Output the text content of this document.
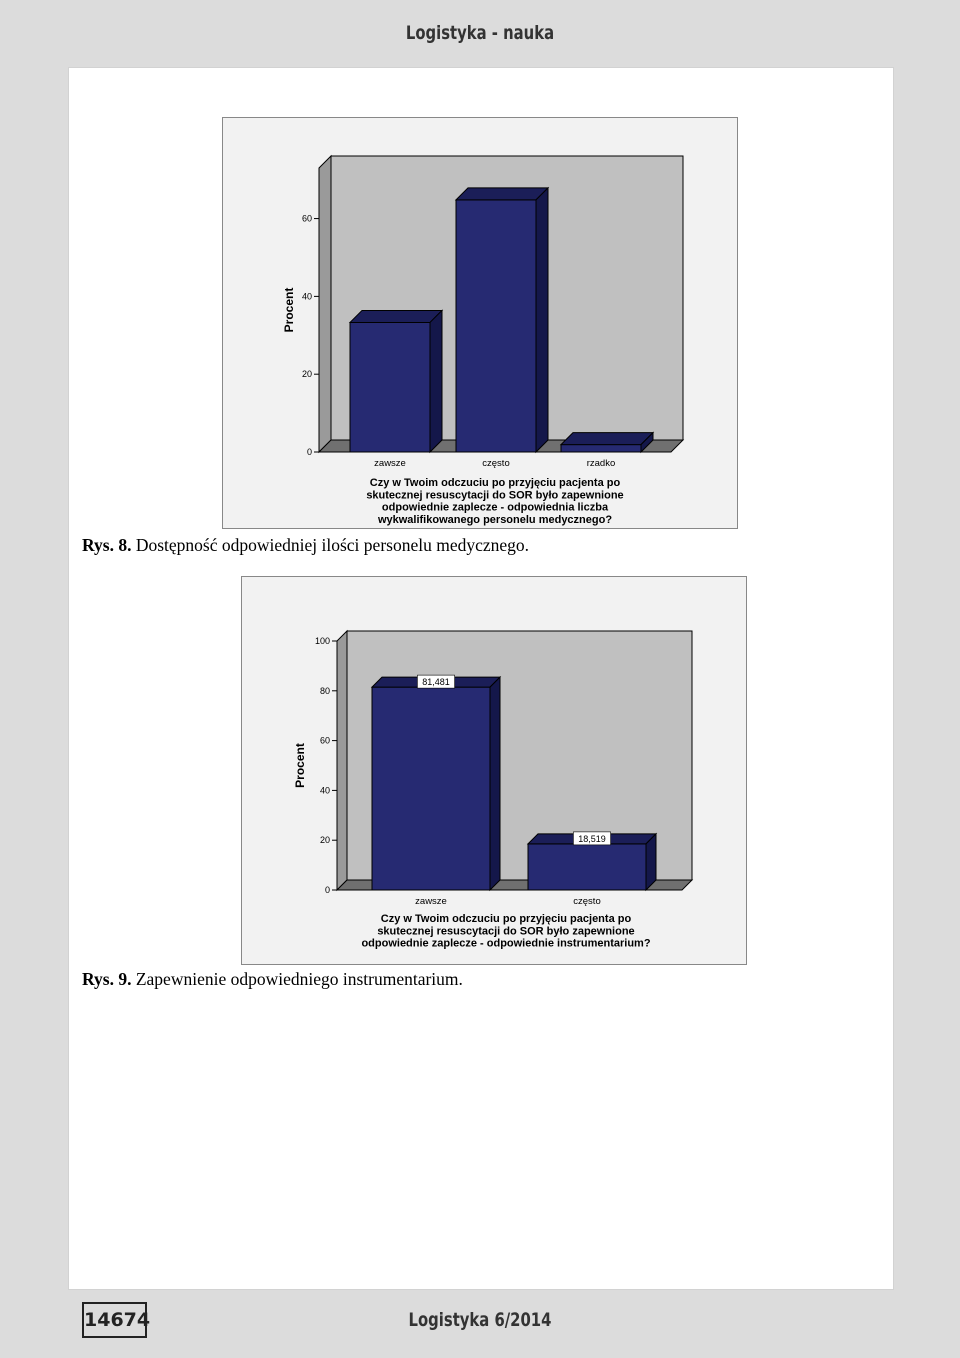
Logistyka - nauka
0
20
40
60
Procent
zawsze	często	rzadko
Czy w Twoim odczuciu po przyjęciu pacjenta po
skutecznej resuscytacji do SOR było zapewnione
odpowiednie zaplecze - odpowiednia liczba
wykwalifikowanego personelu medycznego?
Rys. 8. Dostępność odpowiedniej ilości personelu medycznego.
0
20
40
60
80
100
Procent
81,481
zawsze
18,519
często
Czy w Twoim odczuciu po przyjęciu pacjenta po
skutecznej resuscytacji do SOR było zapewnione
odpowiednie zaplecze - odpowiednie instrumentarium?
Rys. 9. Zapewnienie odpowiedniego instrumentarium.
14674	Logistyka 6/2014
